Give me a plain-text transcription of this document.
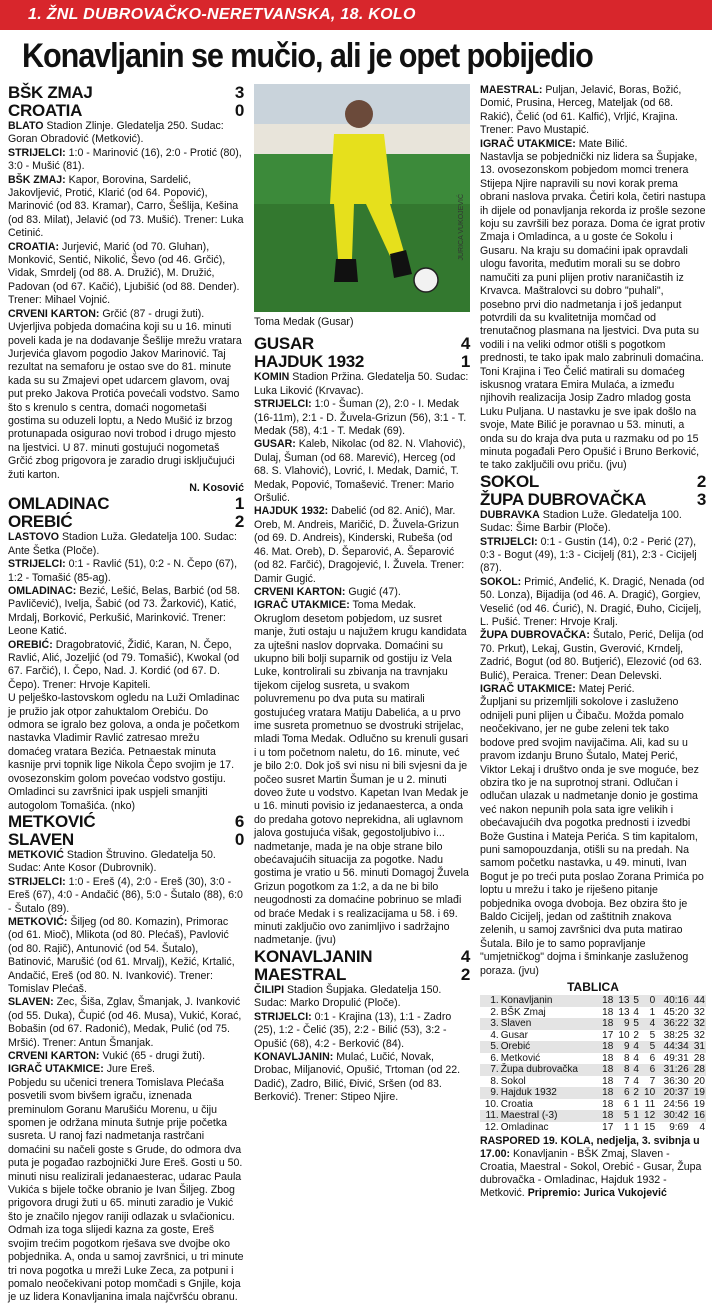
1. ŽNL DUBROVAČKO-NERETVANSKA, 18. KOLO
Konavljanin se mučio, ali je opet pobijedio
BŠK ZMAJ	3
CROATIA	0

BLATO Stadion Zlinje. Gledatelja 250. Sudac: Goran Obradović (Metković).

STRIJELCI: 1:0 - Marinović (16), 2:0 - Protić (80), 3:0 - Mušić (81).

BŠK ZMAJ: Kapor, Borovina, Sardelić, Jakovljević, Protić, Klarić (od 64. Popović), Marinović (od 83. Kramar), Carro, Šešlija, Kešina (od 83. Milat), Jelavić (od 73. Mušić). Trener: Luka Cetinić.

CROATIA: Jurjević, Marić (od 70. Gluhan), Monković, Sentić, Nikolić, Ševo (od 46. Grčić), Vidak, Smrdelj (od 88. A. Družić), M. Družić, Padovan (od 67. Kačić), Ljubišić (od 88. Dender). Trener: Mihael Vojnić.

CRVENI KARTON: Grčić (87 - drugi žuti).

Uvjerljiva pobjeda domaćina koji su u 16. minuti poveli kada je na dodavanje Šešlije mrežu vratara Jurjevića glavom pogodio Jakov Marinović. Taj rezultat na semaforu je ostao sve do 81. minute kada su su Zmajevi opet udarcem glavom, ovaj put preko Jakova Protića povećali vodstvo. Samo što s krenulo s centra, domaći nogometaši gostima su oduzeli loptu, a Nedo Mušić iz brzog protunapada osigurao novi trobod i drugo mjesto na ljestvici. U 87. minuti gostujući nogometaš Grčić zbog prigovora je zaradio drugi isključujući žuti karton.

N. Kosović

OMLADINAC	1
OREBIĆ	2

LASTOVO Stadion Luža. Gledatelja 100. Sudac: Ante Šetka (Ploče).

STRIJELCI: 0:1 - Ravlić (51), 0:2 - N. Čepo (67), 1:2 - Tomašić (85-ag).

OMLADINAC: Bezić, Lešić, Belas, Barbić (od 58. Pavličević), Ivelja, Šabić (od 73. Žarković), Katić, Mrdalj, Borković, Perkušić, Marinković. Trener: Leone Katić.

OREBIĆ: Dragobratović, Židić, Karan, N. Čepo, Ravlić, Alić, Jozeljić (od 79. Tomašić), Kwokal (od 67. Farčić), I. Čepo, Nad. J. Kordić (od 67. D. Čepo). Trener: Hrvoje Kapiteli.

U pelješko-lastovskom ogledu na Luži Omladinac je pružio jak otpor zahuktalom Orebiću. Do odmora se igralo bez golova, a onda je početkom nastavka Vladimir Ravlić zatresao mrežu domaćeg vratara Bezića. Petnaestak minuta kasnije prvi topnik lige Nikola Čepo svojim je 17. ovosezonskim golom povećao vodstvo gostiju. Omladinci su završnici ipak uspjeli smanjiti autogolom Tomašića. (nko)

METKOVIĆ	6
SLAVEN	0

METKOVIĆ Stadion Štruvino. Gledatelja 50. Sudac: Ante Kosor (Dubrovnik).

STRIJELCI: 1:0 - Ereš (4), 2:0 - Ereš (30), 3:0 - Ereš (67), 4:0 - Andačić (86), 5:0 - Šutalo (88), 6:0 - Šutalo (89).

METKOVIĆ: Šiljeg (od 80. Komazin), Primorac (od 61. Mioč), Mlikota (od 80. Plećaš), Pavlović (od 80. Rajič), Antunović (od 54. Šutalo), Batinović, Marušić (od 61. Mrvalj), Kežić, Krtalić, Andačić, Ereš (od 80. N. Ivanković). Trener: Tomislav Plećaš.

SLAVEN: Zec, Šiša, Zglav, Šmanjak, J. Ivanković (od 55. Duka), Čupić (od 46. Musa), Vukić, Korać, Bobašin (od 67. Radonić), Medak, Pulić (od 75. Mršić). Trener: Antun Šmanjak.

CRVENI KARTON: Vukić (65 - drugi žuti).

IGRAČ UTAKMICE: Jure Ereš.

Pobjedu su učenici trenera Tomislava Plećaša posvetili svom bivšem igraču, iznenada preminulom Goranu Marušiću Morenu, u čiju spomen je održana minuta šutnje prije početka susreta. U ranoj fazi nadmetanja rastrčani domaćini su načeli goste s Grude, do odmora dva puta je pogađao razbojnički Jure Ereš. Gosti u 50. minuti nisu realizirali jedanaesterac, udarac Paula Vukića s bijele točke obranio je Ivan Šiljeg. Zbog prigovora drugi žuti u 65. minuti zaradio je Vukić što je značilo njegov raniji odlazak u svlačionicu. Odmah iza toga slijedi kazna za goste, Ereš svojim trećim pogotkom rješava sve dvojbe oko pobjednika. A, onda u samoj završnici, u tri minute tri nova pogotka u mreži Luke Zeca, za potpuni i pomalo neočekivani potop momčadi s Gnjile, koja je uz lidera Konavljanina imala najčvršću obranu.

JURICA VUKOJEVIĆ

Toma Medak (Gusar)

GUSAR	4
HAJDUK 1932	1

KOMIN Stadion Pržina. Gledatelja 50. Sudac: Luka Liković (Krvavac).

STRIJELCI: 1:0 - Šuman (2), 2:0 - I. Medak (16-11m), 2:1 - D. Žuvela-Grizun (56), 3:1 - T. Medak (58), 4:1 - T. Medak (69).

GUSAR: Kaleb, Nikolac (od 82. N. Vlahović), Dulaj, Šuman (od 68. Marević), Herceg (od 68. S. Vlahović), Lovrić, I. Medak, Damić, T. Medak, Popović, Tomašević. Trener: Mario Oršulić.

HAJDUK 1932: Dabelić (od 82. Anić), Mar. Oreb, M. Andreis, Maričić, D. Žuvela-Grizun (od 69. D. Andreis), Kinderski, Rubeša (od 46. Mat. Oreb), D. Šeparović, A. Šeparović (od 82. Farčić), Dragojević, I. Žuvela. Trener: Damir Gugić.

CRVENI KARTON: Gugić (47).

IGRAČ UTAKMICE: Toma Medak.

Okruglom desetom pobjedom, uz susret manje, žuti ostaju u najužem krugu kandidata za ujtešni naslov doprvaka. Domaćini su ukupno bili bolji suparnik od gostiju iz Vela Luke, kontrolirali su zbivanja na travnjaku tijekom cijelog susreta, u svakom poluvremenu po dva puta su matirali gostujućeg vratara Matiju Dabelića, a u prvo ime susreta prometnuo se dvostruki strijelac, mladi Toma Medak. Odlučno su krenuli gusari i u tom početnom naletu, do 16. minute, već je bilo 2:0. Dok još svi nisu ni bili svjesni da je počeo susret Martin Šuman je u 2. minuti doveo žute u vodstvo. Kapetan Ivan Medak je u 16. minuti povisio iz jedanaesterca, a onda do predaha gotovo neprekidna, ali uglavnom jalova gostujuća višak, gegostoljubivo i... nadmetanje, mada je na obje strane bilo obećavajućih situacija za pogotke. Nadu gostima je vratio u 56. minuti Domagoj Žuvela Grizun pogotkom za 1:2, a da ne bi bilo neugodnosti za domaćine pobrinuo se mlađi od braće Medak i s realizacijama u 58. i 69. minuti zaključio ovo zanimljivo i sadržajno nadmetanje. (jvu)

KONAVLJANIN	4
MAESTRAL	2

ČILIPI Stadion Šupjaka. Gledatelja 150. Sudac: Marko Dropulić (Ploče).

STRIJELCI: 0:1 - Krajina (13), 1:1 - Zadro (25), 1:2 - Čelić (35), 2:2 - Bilić (53), 3:2 - Opušić (68), 4:2 - Berković (84).

KONAVLJANIN: Mulać, Lučić, Novak, Drobac, Miljanović, Opušić, Trtoman (od 22. Dadić), Zadro, Bilić, Đivić, Sršen (od 83. Berković). Trener: Stipeo Njire.

MAESTRAL: Puljan, Jelavić, Boras, Božić, Domić, Prusina, Herceg, Mateljak (od 68. Rakić), Čelić (od 61. Kalfić), Vrljić, Krajina. Trener: Pavo Mustapić.

IGRAČ UTAKMICE: Mate Bilić.

Nastavlja se pobjednički niz lidera sa Šupjake, 13. ovosezonskom pobjedom momci trenera Stijepa Njire napravili su novi korak prema obrani naslova prvaka. Četiri kola, četiri nastupa ih dijele od ponavljanja rekorda iz prošle sezone koju su završili bez poraza. Doma će igrat protiv Zmaja i Omladinca, a u goste će Sokolu i Gusaru. Na kraju su domaćini ipak opravdali ulogu favorita, međutim morali su se dobro namučiti za puni plijen protiv naraničastih iz Krvavca. Maštralovci su dobro "puhali", posebno prvi dio nadmetanja i još jedanput potvrdili da su kvalitetnija momčad od trenutačnog plasmana na ljestvici. Dva puta su vodili i na veliki odmor otišli s pogotkom prednosti, te tako ipak malo zabrinuli domaćina. Toni Krajina i Teo Čelić matirali su domaćeg iskusnog vratara Emira Mulaća, a između njihovih realizacija Josip Zadro mladog gosta Luku Puljana. U nastavku je sve ipak došlo na svoje, Mate Bilić je poravnao u 53. minuti, a onda su do kraja dva puta u razmaku od po 15 minuta pogađali Pero Opušić i Bruno Berković, te tako zaključili ovu priču. (jvu)

SOKOL	2
ŽUPA DUBROVAČKA	3

DUBRAVKA Stadion Luže. Gledatelja 100. Sudac: Šime Barbir (Ploče).

STRIJELCI: 0:1 - Gustin (14), 0:2 - Perić (27), 0:3 - Bogut (49), 1:3 - Cicijelj (81), 2:3 - Cicijelj (87).

SOKOL: Primić, Anđelić, K. Dragić, Nenada (od 50. Lonza), Bijadija (od 46. A. Dragić), Gorgiev, Veselić (od 46. Ćurić), N. Dragić, Đuho, Cicijelj, L. Pušić. Trener: Hrvoje Kralj.

ŽUPA DUBROVAČKA: Šutalo, Perić, Delija (od 70. Prkut), Lekaj, Gustin, Gverović, Krndelj, Zadrić, Bogut (od 80. Butjerić), Elezović (od 63. Bulić), Peraica. Trener: Dean Delevski.

IGRAČ UTAKMICE: Matej Perić.

Župljani su prizemljili sokolove i zasluženo odnijeli puni plijen u Čibaču. Možda pomalo neočekivano, jer ne gube zeleni tek tako bodove pred svojim navijačima. Ali, kad su u pravom izdanju Bruno Šutalo, Matej Perić, Viktor Lekaj i društvo onda je sve moguće, bez obzira tko je na suprotnoj strani. Odlučan i odlučan ulazak u nadmetanje donio je gostima već nakon nepunih pola sata igre velikih i obećavajućih dva pogotka prednosti i izvedbi Bože Gustina i Mateja Perića. S tim kapitalom, puni samopouzdanja, otišli su na predah. Na samom početku nastavka, u 49. minuti, Ivan Bogut je po treći puta poslao Zorana Primića po loptu u mrežu i tako je riješeno pitanje pobjednika ovoga dvoboja. Bez obzira što je Baldo Cicijelj, jedan od zaštitnih znakova zelenih, u samoj završnici dva puta matirao Šutala. Bilo je to samo popravljanje "umjetničkog" dojma i šminkanje zasluženog poraza. (jvu)

TABLICA
1.	Konavljanin	18	13	5	0	40:16	44
2.	BŠK Zmaj	18	13	4	1	45:20	32
3.	Slaven	18	9	5	4	36:22	32
4.	Gusar	17	10	2	5	38:25	32
5.	Orebić	18	9	4	5	44:34	31
6.	Metković	18	8	4	6	49:31	28
7.	Župa dubrovačka	18	8	4	6	31:26	28
8.	Sokol	18	7	4	7	36:30	20
9.	Hajduk 1932	18	6	2	10	20:37	19
10.	Croatia	18	6	1	11	24:56	19
11.	Maestral (-3)	18	5	1	12	30:42	16
12.	Omladinac	17	1	1	15	9:69	4

RASPORED 19. KOLA, nedjelja, 3. svibnja u 17.00: Konavljanin - BŠK Zmaj, Slaven - Croatia, Maestral - Sokol, Orebić - Gusar, Župa dubrovačka - Omladinac, Hajduk 1932 - Metković. Pripremio: Jurica Vukojević
